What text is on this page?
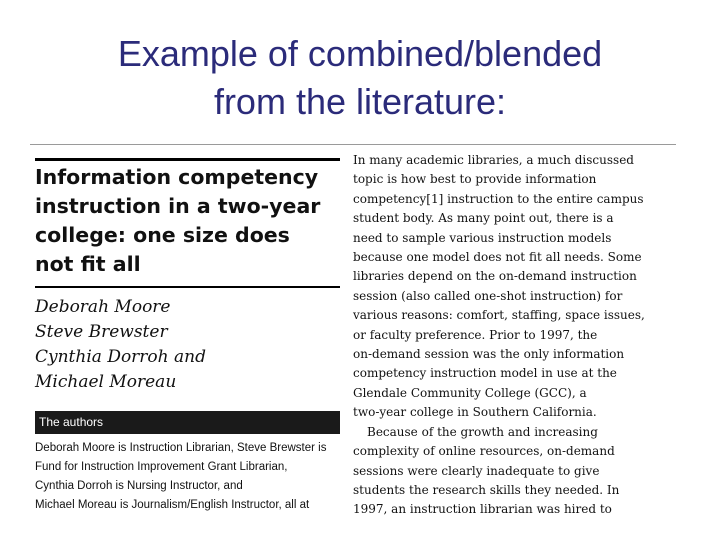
Example of combined/blended
from the literature:
Information competency
instruction in a two-year
college: one size does
not fit all
Deborah Moore
Steve Brewster
Cynthia Dorroh and
Michael Moreau
The authors
Deborah Moore is Instruction Librarian, Steve Brewster is
Fund for Instruction Improvement Grant Librarian,
Cynthia Dorroh is Nursing Instructor, and
Michael Moreau is Journalism/English Instructor, all at
In many academic libraries, a much discussed
topic is how best to provide information
competency[1] instruction to the entire campus
student body. As many point out, there is a
need to sample various instruction models
because one model does not fit all needs. Some
libraries depend on the on-demand instruction
session (also called one-shot instruction) for
various reasons: comfort, staffing, space issues,
or faculty preference. Prior to 1997, the
on-demand session was the only information
competency instruction model in use at the
Glendale Community College (GCC), a
two-year college in Southern California.
Because of the growth and increasing
complexity of online resources, on-demand
sessions were clearly inadequate to give
students the research skills they needed. In
1997, an instruction librarian was hired to
